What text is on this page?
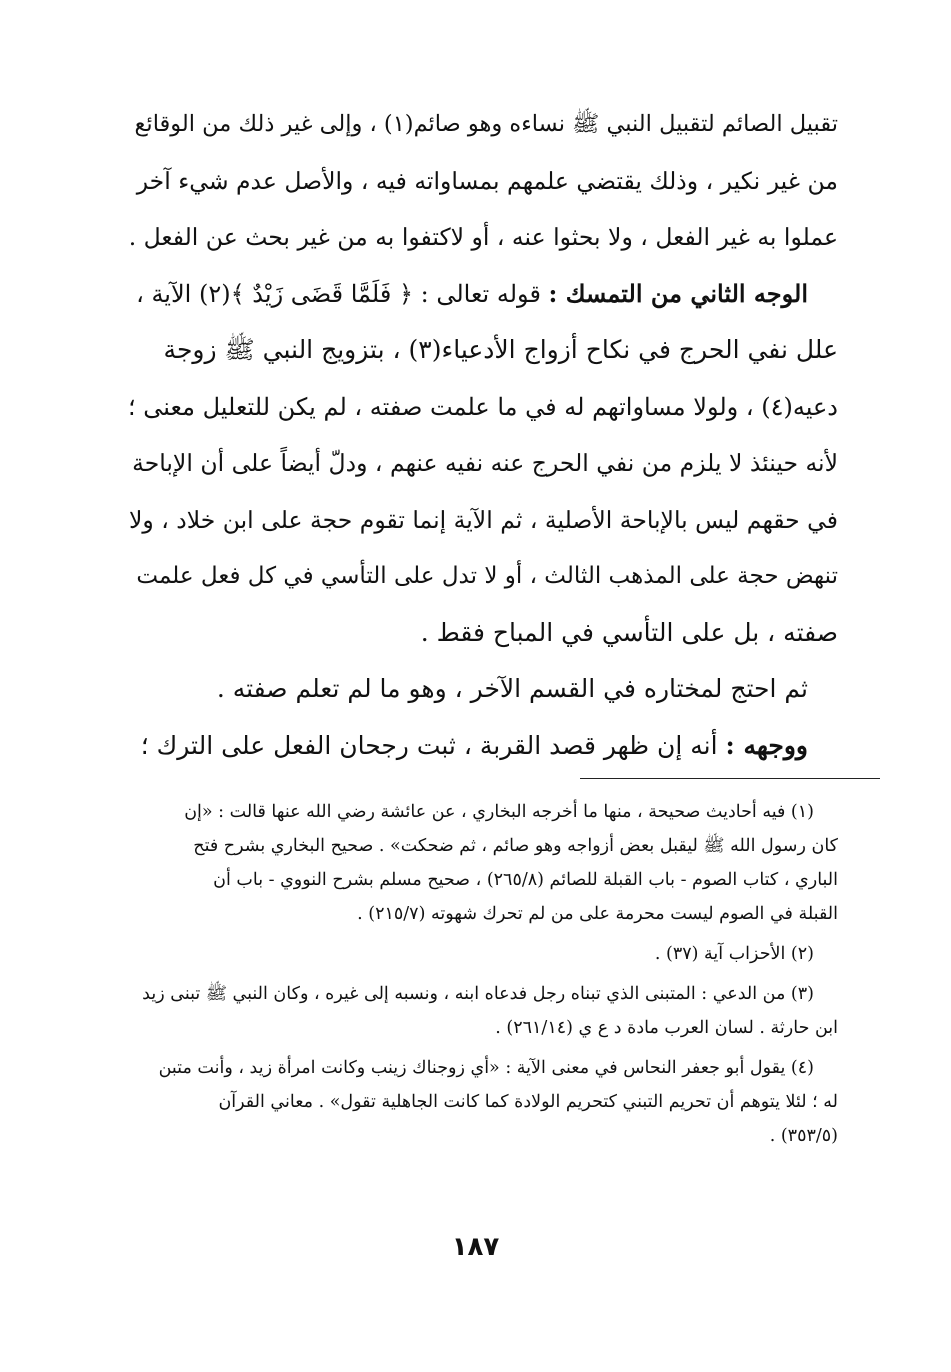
تقبيل الصائم لتقبيل النبي ﷺ نساءه وهو صائم(١) ، وإلى غير ذلك من الوقائع
من غير نكير ، وذلك يقتضي علمهم بمساواته فيه ، والأصل عدم شيء آخر
عملوا به غير الفعل ، ولا بحثوا عنه ، أو لاكتفوا به من غير بحث عن الفعل .
الوجه الثاني من التمسك : قوله تعالى : ﴿ فَلَمَّا قَضَى زَيْدٌ ﴾(٢) الآية ،
علل نفي الحرج في نكاح أزواج الأدعياء(٣) ، بتزويج النبي ﷺ زوجة
دعيه(٤) ، ولولا مساواتهم له في ما علمت صفته ، لم يكن للتعليل معنى ؛
لأنه حينئذ لا يلزم من نفي الحرج عنه نفيه عنهم ، ودلّ أيضاً على أن الإباحة
في حقهم ليس بالإباحة الأصلية ، ثم الآية إنما تقوم حجة على ابن خلاد ، ولا
تنهض حجة على المذهب الثالث ، أو لا تدل على التأسي في كل فعل علمت
صفته ، بل على التأسي في المباح فقط .
ثم احتج لمختاره في القسم الآخر ، وهو ما لم تعلم صفته .
ووجهه : أنه إن ظهر قصد القربة ، ثبت رجحان الفعل على الترك ؛
(١) فيه أحاديث صحيحة ، منها ما أخرجه البخاري ، عن عائشة رضي الله عنها قالت : «إن
كان رسول الله ﷺ ليقبل بعض أزواجه وهو صائم ، ثم ضحكت» . صحيح البخاري بشرح فتح
الباري ، كتاب الصوم - باب القبلة للصائم (٢٦٥/٨) ، صحيح مسلم بشرح النووي - باب أن
القبلة في الصوم ليست محرمة على من لم تحرك شهوته (٢١٥/٧) .
(٢) الأحزاب آية (٣٧) .
(٣) من الدعي : المتبنى الذي تبناه رجل فدعاه ابنه ، ونسبه إلى غيره ، وكان النبي ﷺ تبنى زيد
ابن حارثة . لسان العرب مادة د ع ي (٢٦١/١٤) .
(٤) يقول أبو جعفر النحاس في معنى الآية : «أي زوجناك زينب وكانت امرأة زيد ، وأنت متبن
له ؛ لئلا يتوهم أن تحريم التبني كتحريم الولادة كما كانت الجاهلية تقول» . معاني القرآن
(٣٥٣/٥) .
١٨٧
